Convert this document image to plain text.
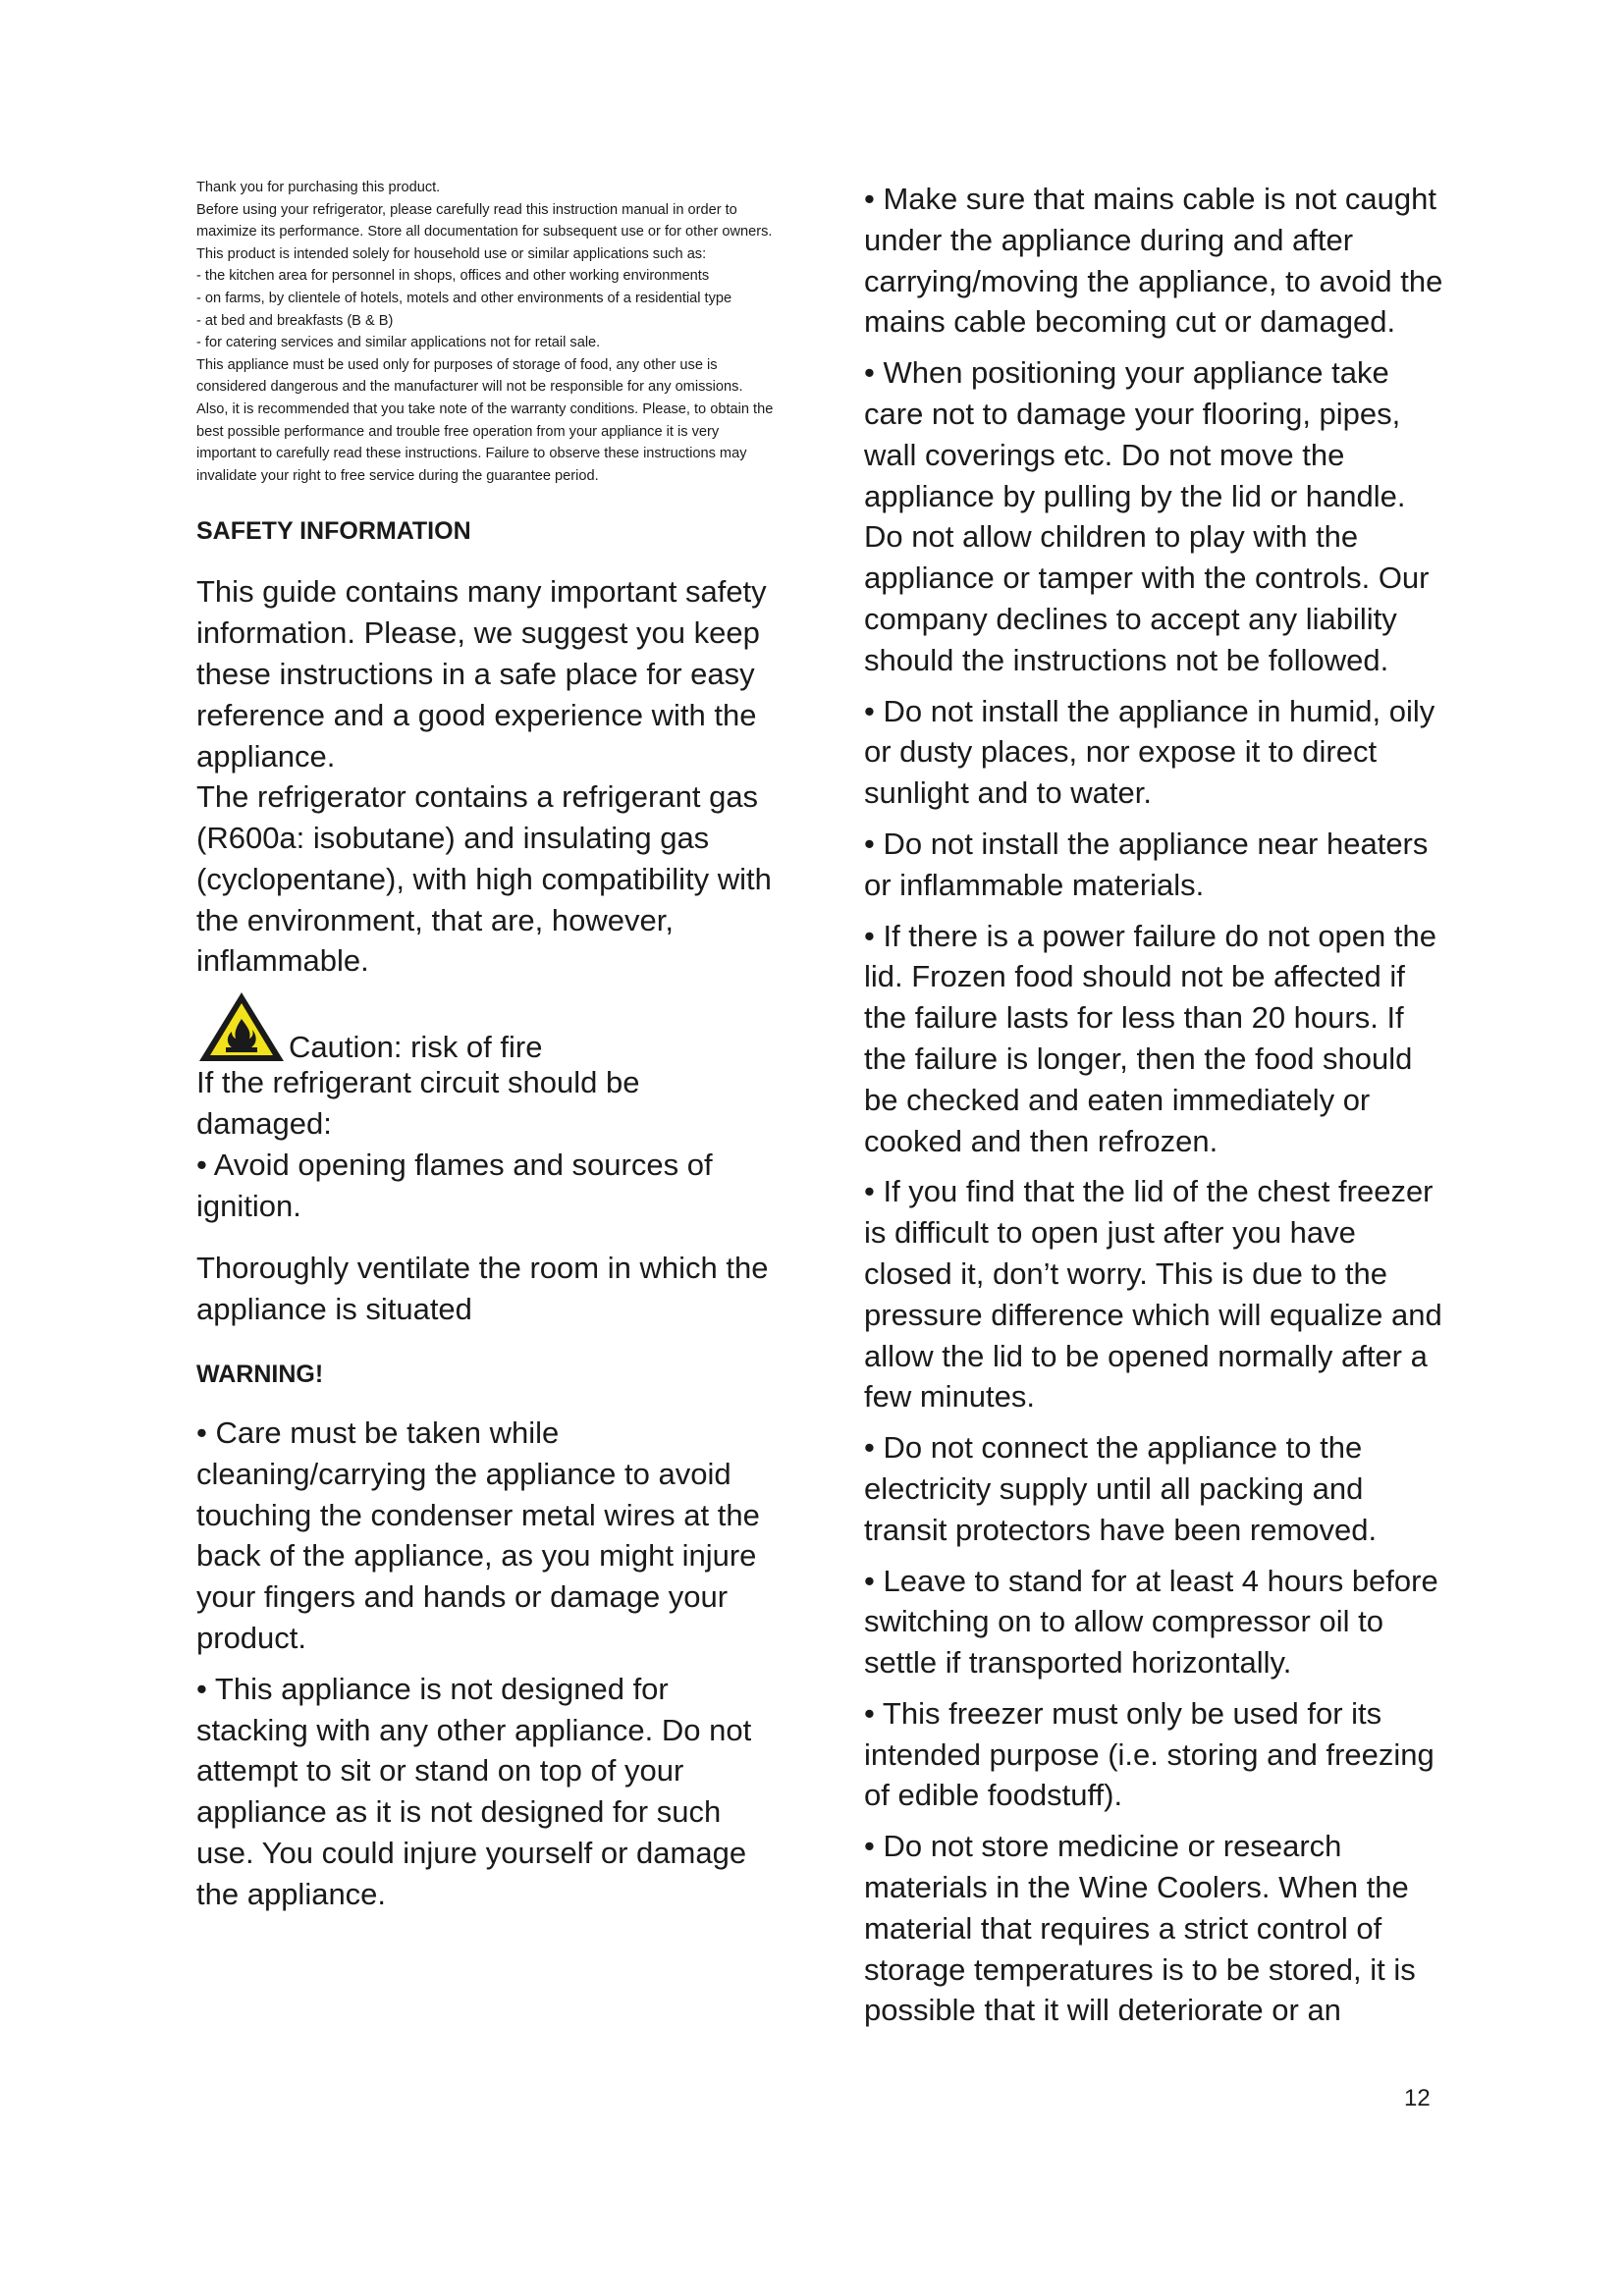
Thank you for purchasing this product.

Before using your refrigerator, please carefully read this instruction manual in order to maximize its performance. Store all documentation for subsequent use or for other owners. This product is intended solely for household use or similar applications such as:

- the kitchen area for personnel in shops, offices and other working environments

- on farms, by clientele of hotels, motels and other environments of a residential type

- at bed and breakfasts (B & B)

- for catering services and similar applications not for retail sale.

This appliance must be used only for purposes of storage of food, any other use is considered dangerous and the manufacturer will not be responsible for any omissions. Also, it is recommended that you take note of the warranty conditions. Please, to obtain the best possible performance and trouble free operation from your appliance it is very important to carefully read these instructions. Failure to observe these instructions may invalidate your right to free service during the guarantee period.

SAFETY INFORMATION

This guide contains many important safety information. Please, we suggest you keep these instructions in a safe place for easy reference and a good experience with the appliance.

The refrigerator contains a refrigerant gas (R600a: isobutane) and insulating gas (cyclopentane), with high compatibility with the environment, that are, however, inflammable.

Caution: risk of fire

If the refrigerant circuit should be damaged:

• Avoid opening flames and sources of ignition.

Thoroughly ventilate the room in which the appliance is situated

WARNING!

• Care must be taken while cleaning/carrying the appliance to avoid touching the condenser metal wires at the back of the appliance, as you might injure your fingers and hands or damage your product.

• This appliance is not designed for stacking with any other appliance. Do not attempt to sit or stand on top of your appliance as it is not designed for such use. You could injure yourself or damage the appliance.

• Make sure that mains cable is not caught under the appliance during and after carrying/moving the appliance, to avoid the mains cable becoming cut or damaged.

• When positioning your appliance take care not to damage your flooring, pipes, wall coverings etc. Do not move the appliance by pulling by the lid or handle. Do not allow children to play with the appliance or tamper with the controls. Our company declines to accept any liability should the instructions not be followed.

• Do not install the appliance in humid, oily or dusty places, nor expose it to direct sunlight and to water.

• Do not install the appliance near heaters or inflammable materials.

• If there is a power failure do not open the lid. Frozen food should not be affected if the failure lasts for less than 20 hours. If the failure is longer, then the food should be checked and eaten immediately or cooked and then refrozen.

• If you find that the lid of the chest freezer is difficult to open just after you have closed it, don’t worry. This is due to the pressure difference which will equalize and allow the lid to be opened normally after a few minutes.

• Do not connect the appliance to the electricity supply until all packing and transit protectors have been removed.

• Leave to stand for at least 4 hours before switching on to allow compressor oil to settle if transported horizontally.

• This freezer must only be used for its intended purpose (i.e. storing and freezing of edible foodstuff).

• Do not store medicine or research materials in the Wine Coolers. When the material that requires a strict control of storage temperatures is to be stored, it is possible that it will deteriorate or an

12
